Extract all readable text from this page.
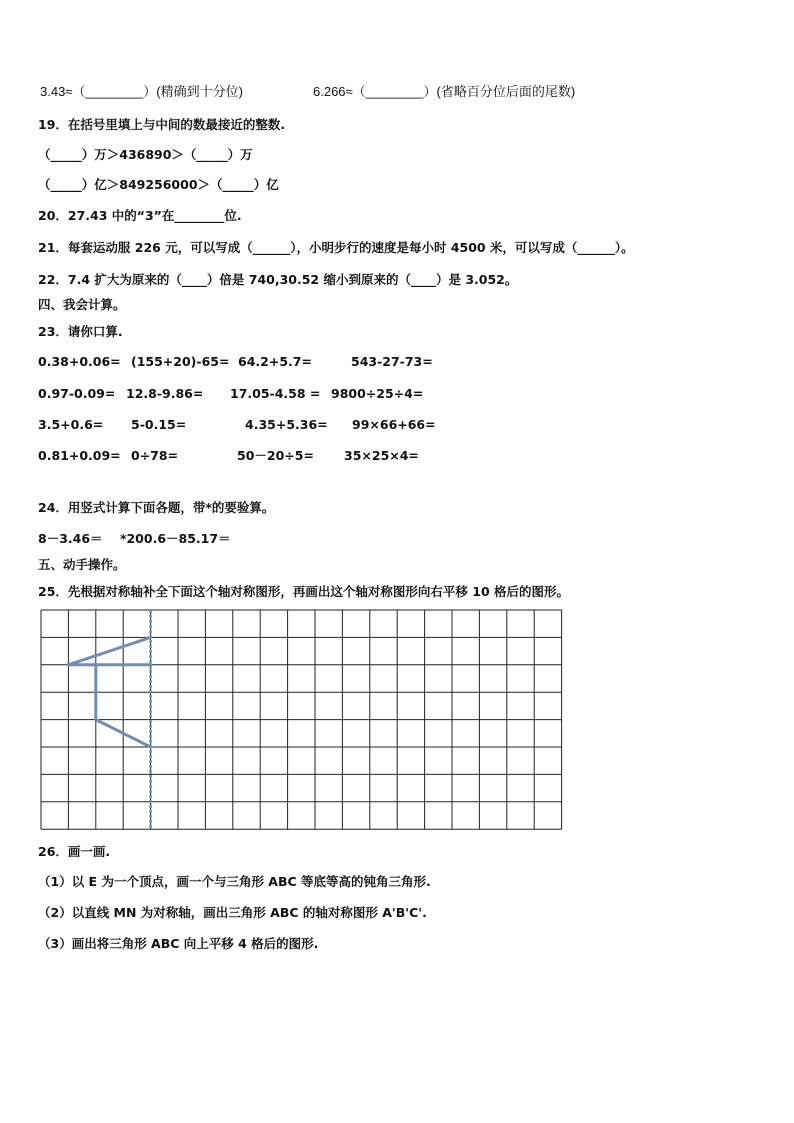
3.43≈（________）(精确到十分位)	6.266≈（________）(省略百分位后面的尾数)
19．在括号里填上与中间的数最接近的整数.
（_____）万＞436890＞（_____）万
（_____）亿＞849256000＞（_____）亿
20．27.43 中的“3”在________位.
21．每套运动服 226 元，可以写成（______），小明步行的速度是每小时 4500 米，可以写成（______）。
22．7.4 扩大为原来的（____）倍是 740,30.52 缩小到原来的（____）是 3.052。
四、我会计算。
23．请你口算.
0.38+0.06= (155+20)-65= 64.2+5.7=	543-27-73=
0.97-0.09= 12.8-9.86= 17.05-4.58 = 9800÷25÷4=
3.5+0.6= 5-0.15=	4.35+5.36= 99×66+66=
0.81+0.09= 0÷78=	50－20÷5= 35×25×4=
24．用竖式计算下面各题，带*的要验算。
8－3.46＝    *200.6－85.17＝
五、动手操作。
25．先根据对称轴补全下面这个轴对称图形，再画出这个轴对称图形向右平移 10 格后的图形。
26．画一画.
（1）以 E 为一个顶点，画一个与三角形 ABC 等底等高的钝角三角形.
（2）以直线 MN 为对称轴，画出三角形 ABC 的轴对称图形 A'B'C'.
（3）画出将三角形 ABC 向上平移 4 格后的图形.
